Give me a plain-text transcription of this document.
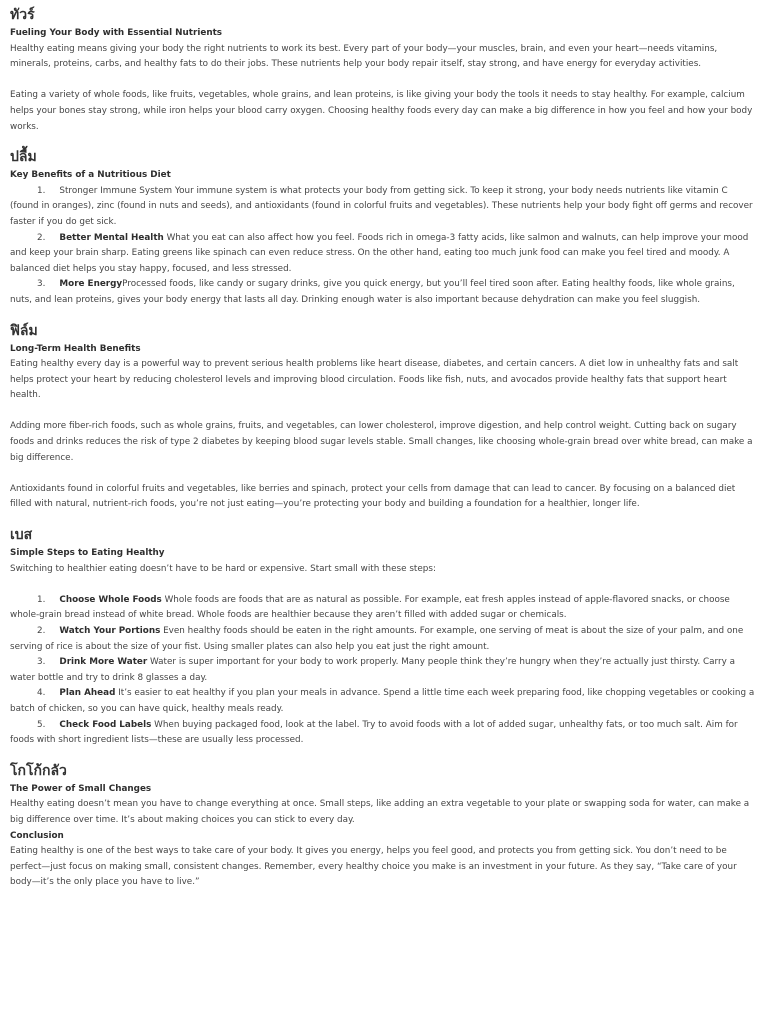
ทัวร์
Fueling Your Body with Essential Nutrients

Healthy eating means giving your body the right nutrients to work its best. Every part of your body—your muscles, brain, and even your heart—needs vitamins, minerals, proteins, carbs, and healthy fats to do their jobs. These nutrients help your body repair itself, stay strong, and have energy for everyday activities.

Eating a variety of whole foods, like fruits, vegetables, whole grains, and lean proteins, is like giving your body the tools it needs to stay healthy. For example, calcium helps your bones stay strong, while iron helps your blood carry oxygen. Choosing healthy foods every day can make a big difference in how you feel and how your body works.

ปลื้ม
Key Benefits of a Nutritious Diet

1. Stronger Immune System Your immune system is what protects your body from getting sick. To keep it strong, your body needs nutrients like vitamin C (found in oranges), zinc (found in nuts and seeds), and antioxidants (found in colorful fruits and vegetables). These nutrients help your body fight off germs and recover faster if you do get sick.

2. Better Mental Health What you eat can also affect how you feel. Foods rich in omega-3 fatty acids, like salmon and walnuts, can help improve your mood and keep your brain sharp. Eating greens like spinach can even reduce stress. On the other hand, eating too much junk food can make you feel tired and moody. A balanced diet helps you stay happy, focused, and less stressed.

3. More EnergyProcessed foods, like candy or sugary drinks, give you quick energy, but you’ll feel tired soon after. Eating healthy foods, like whole grains, nuts, and lean proteins, gives your body energy that lasts all day. Drinking enough water is also important because dehydration can make you feel sluggish.

ฟิล์ม
Long-Term Health Benefits

Eating healthy every day is a powerful way to prevent serious health problems like heart disease, diabetes, and certain cancers. A diet low in unhealthy fats and salt helps protect your heart by reducing cholesterol levels and improving blood circulation. Foods like fish, nuts, and avocados provide healthy fats that support heart health.

Adding more fiber-rich foods, such as whole grains, fruits, and vegetables, can lower cholesterol, improve digestion, and help control weight. Cutting back on sugary foods and drinks reduces the risk of type 2 diabetes by keeping blood sugar levels stable. Small changes, like choosing whole-grain bread over white bread, can make a big difference.

Antioxidants found in colorful fruits and vegetables, like berries and spinach, protect your cells from damage that can lead to cancer. By focusing on a balanced diet filled with natural, nutrient-rich foods, you’re not just eating—you’re protecting your body and building a foundation for a healthier, longer life.

เบส
Simple Steps to Eating Healthy

Switching to healthier eating doesn’t have to be hard or expensive. Start small with these steps:

1. Choose Whole Foods Whole foods are foods that are as natural as possible. For example, eat fresh apples instead of apple-flavored snacks, or choose whole-grain bread instead of white bread. Whole foods are healthier because they aren’t filled with added sugar or chemicals.

2. Watch Your Portions Even healthy foods should be eaten in the right amounts. For example, one serving of meat is about the size of your palm, and one serving of rice is about the size of your fist. Using smaller plates can also help you eat just the right amount.

3. Drink More Water Water is super important for your body to work properly. Many people think they’re hungry when they’re actually just thirsty. Carry a water bottle and try to drink 8 glasses a day.

4. Plan Ahead It’s easier to eat healthy if you plan your meals in advance. Spend a little time each week preparing food, like chopping vegetables or cooking a batch of chicken, so you can have quick, healthy meals ready.

5. Check Food Labels When buying packaged food, look at the label. Try to avoid foods with a lot of added sugar, unhealthy fats, or too much salt. Aim for foods with short ingredient lists—these are usually less processed.

โกโก้กลัว
The Power of Small Changes

Healthy eating doesn’t mean you have to change everything at once. Small steps, like adding an extra vegetable to your plate or swapping soda for water, can make a big difference over time. It’s about making choices you can stick to every day.

Conclusion

Eating healthy is one of the best ways to take care of your body. It gives you energy, helps you feel good, and protects you from getting sick. You don’t need to be perfect—just focus on making small, consistent changes. Remember, every healthy choice you make is an investment in your future. As they say, “Take care of your body—it’s the only place you have to live.”
